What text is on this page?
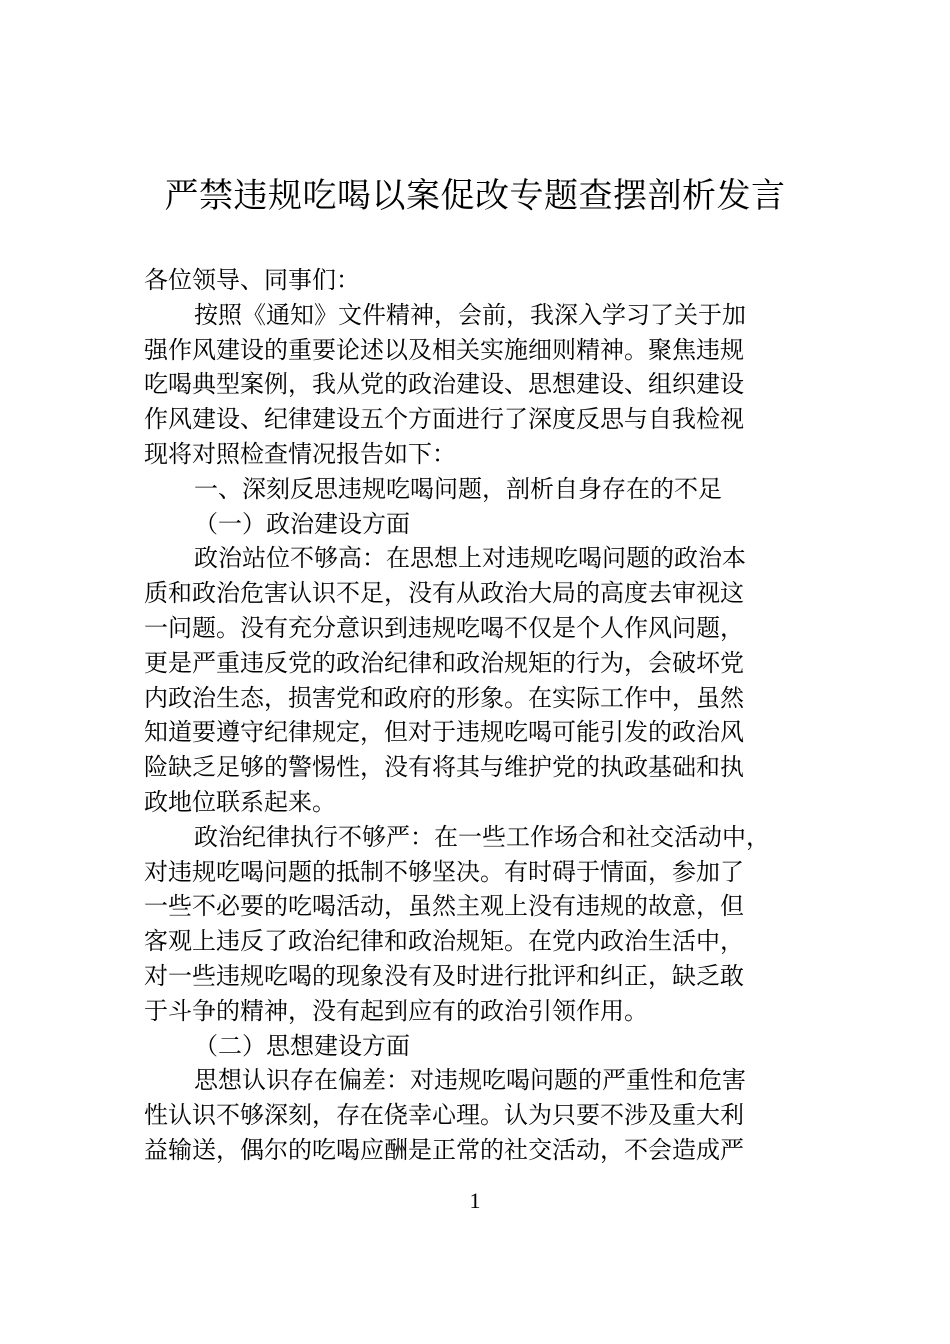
严禁违规吃喝以案促改专题查摆剖析发言
各位领导、同事们：
按照《通知》文件精神，会前，我深入学习了关于加
强作风建设的重要论述以及相关实施细则精神。聚焦违规
吃喝典型案例，我从党的政治建设、思想建设、组织建设
作风建设、纪律建设五个方面进行了深度反思与自我检视
现将对照检查情况报告如下：
一、深刻反思违规吃喝问题，剖析自身存在的不足
（一）政治建设方面
政治站位不够高：在思想上对违规吃喝问题的政治本
质和政治危害认识不足，没有从政治大局的高度去审视这
一问题。没有充分意识到违规吃喝不仅是个人作风问题，
更是严重违反党的政治纪律和政治规矩的行为，会破坏党
内政治生态，损害党和政府的形象。在实际工作中，虽然
知道要遵守纪律规定，但对于违规吃喝可能引发的政治风
险缺乏足够的警惕性，没有将其与维护党的执政基础和执
政地位联系起来。
政治纪律执行不够严：在一些工作场合和社交活动中，
对违规吃喝问题的抵制不够坚决。有时碍于情面，参加了
一些不必要的吃喝活动，虽然主观上没有违规的故意，但
客观上违反了政治纪律和政治规矩。在党内政治生活中，
对一些违规吃喝的现象没有及时进行批评和纠正，缺乏敢
于斗争的精神，没有起到应有的政治引领作用。
（二）思想建设方面
思想认识存在偏差：对违规吃喝问题的严重性和危害
性认识不够深刻，存在侥幸心理。认为只要不涉及重大利
益输送，偶尔的吃喝应酬是正常的社交活动，不会造成严
1
